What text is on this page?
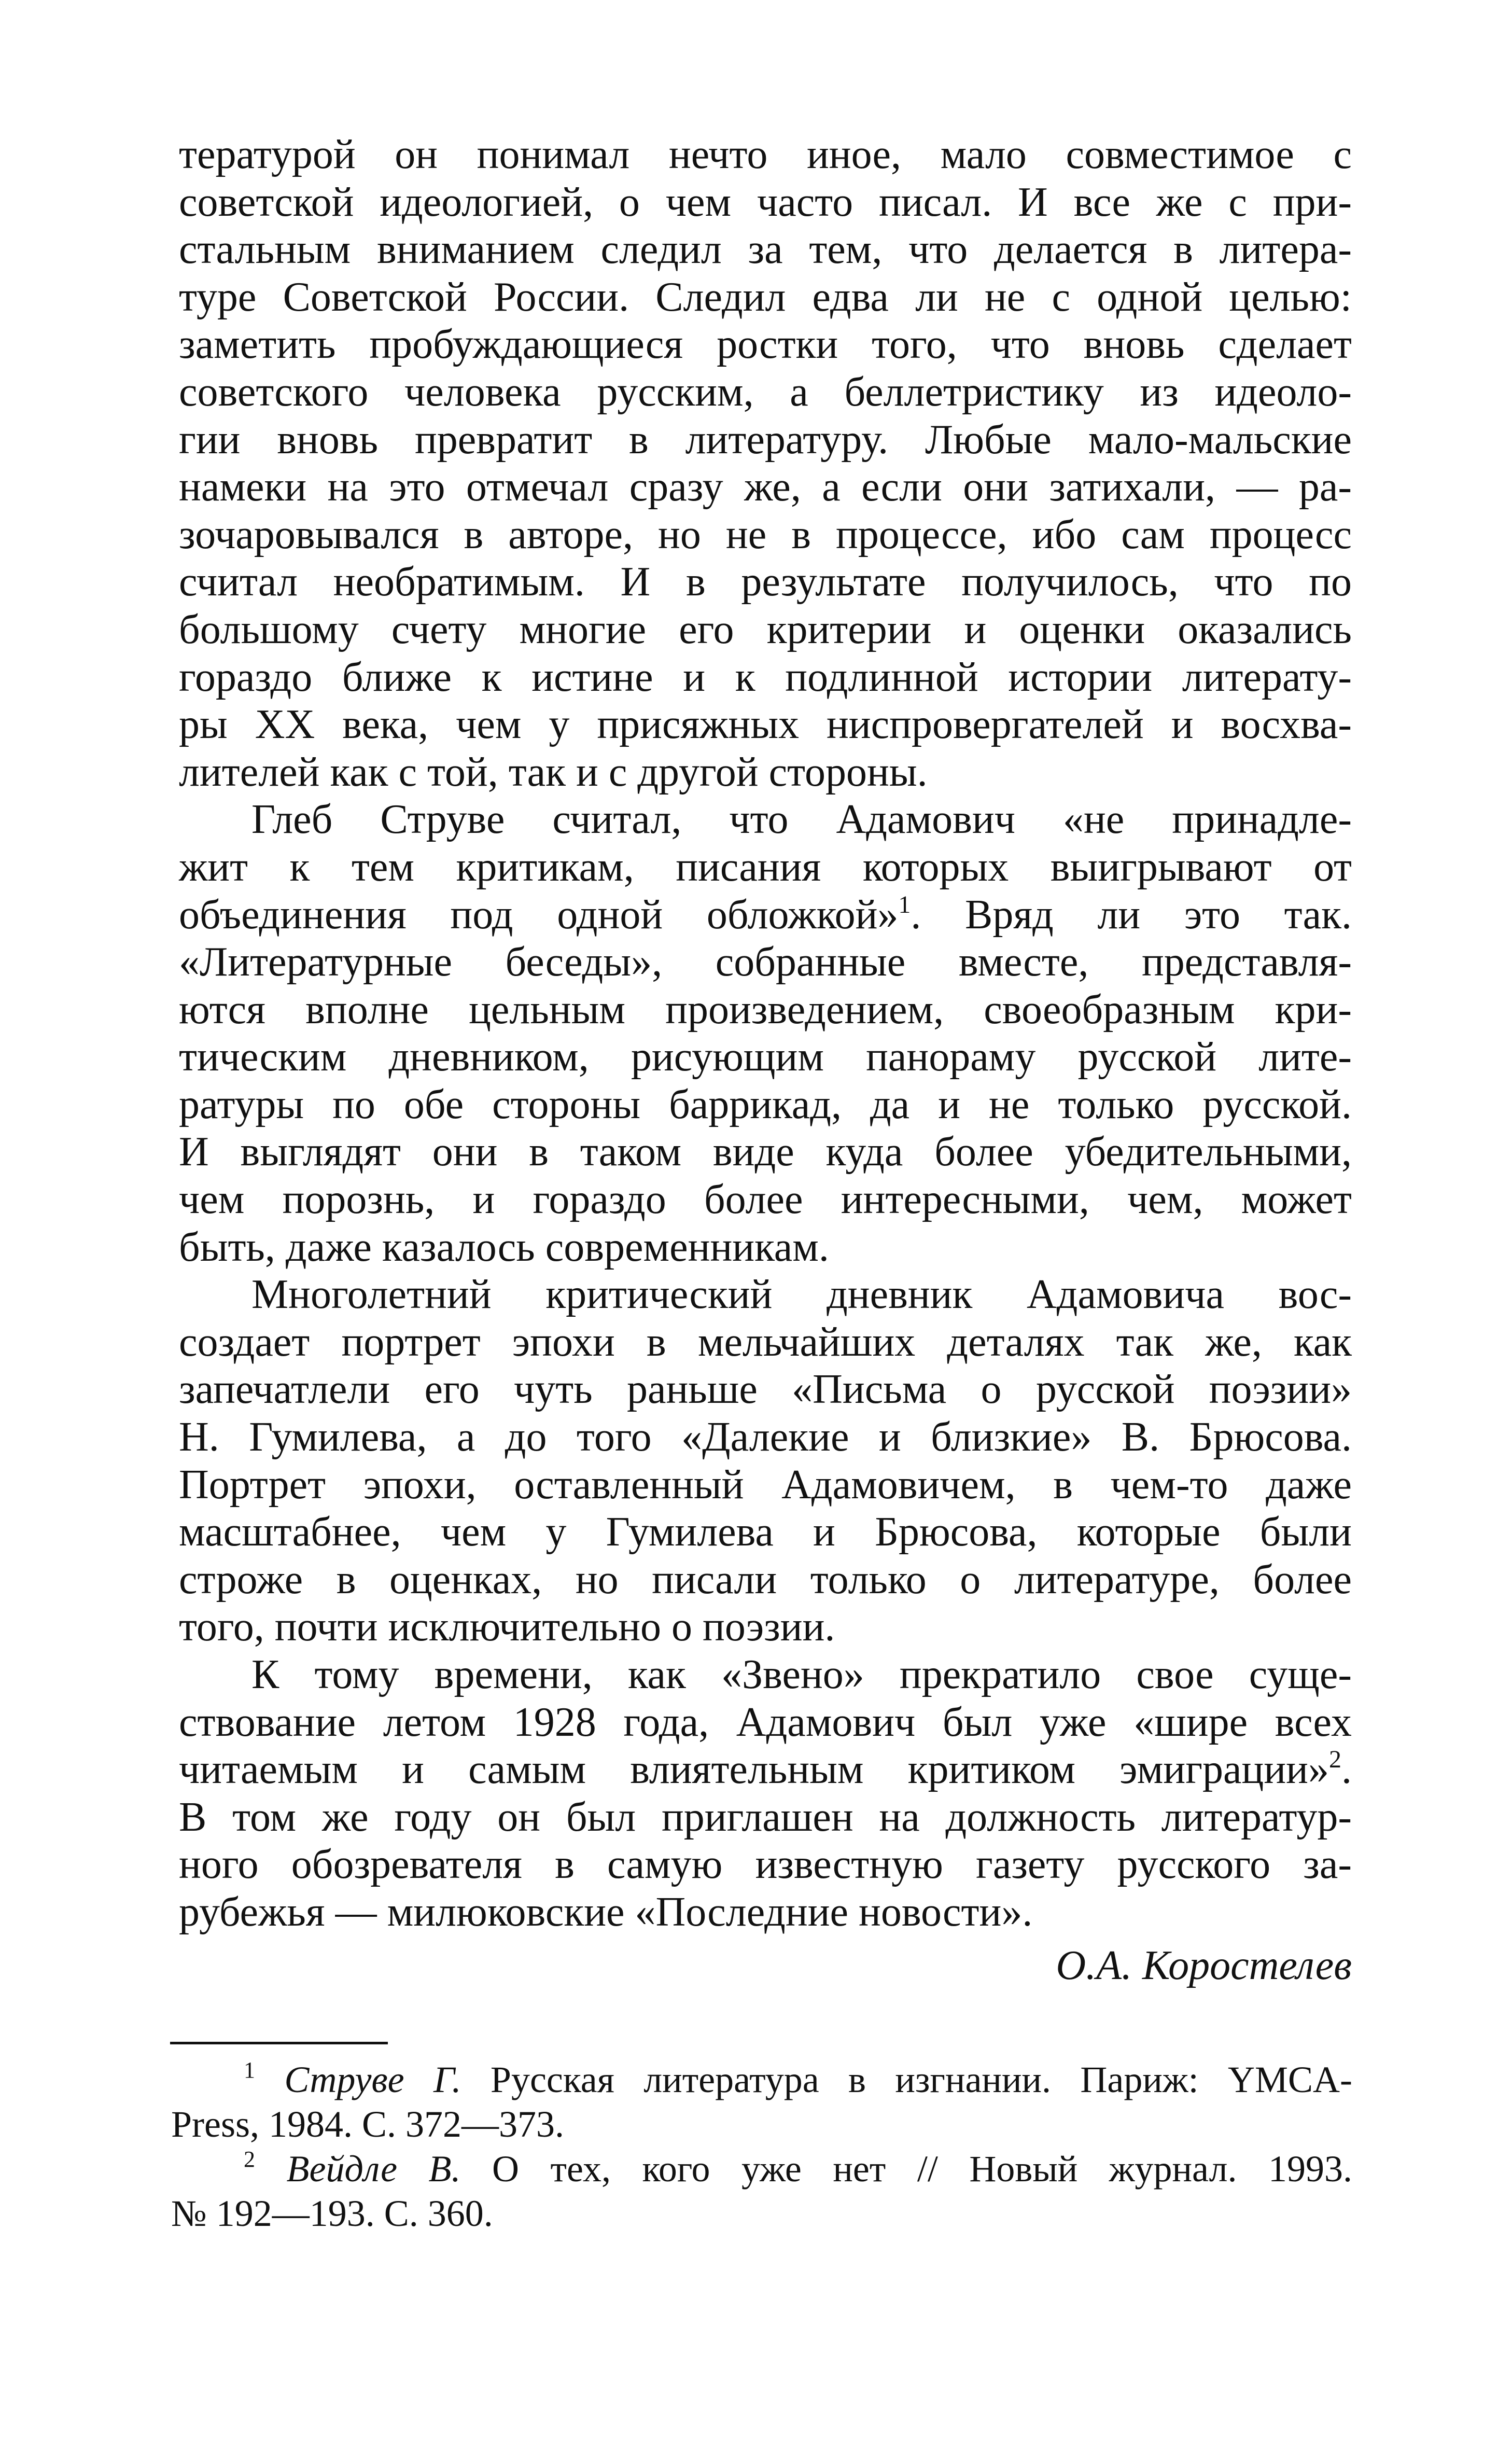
тературой он понимал нечто иное, мало совместимое с
советской идеологией, о чем часто писал. И все же с при-
стальным вниманием следил за тем, что делается в литера-
туре Советской России. Следил едва ли не с одной целью:
заметить пробуждающиеся ростки того, что вновь сделает
советского человека русским, а беллетристику из идеоло-
гии вновь превратит в литературу. Любые мало-мальские
намеки на это отмечал сразу же, а если они затихали, — ра-
зочаровывался в авторе, но не в процессе, ибо сам процесс
считал необратимым. И в результате получилось, что по
большому счету многие его критерии и оценки оказались
гораздо ближе к истине и к подлинной истории литерату-
ры XX века, чем у присяжных ниспровергателей и восхва-
лителей как с той, так и с другой стороны.
Глеб Струве считал, что Адамович «не принадле-
жит к тем критикам, писания которых выигрывают от
объединения под одной обложкой»$^1$. Вряд ли это так.
«Литературные беседы», собранные вместе, представля-
ются вполне цельным произведением, своеобразным кри-
тическим дневником, рисующим панораму русской лите-
ратуры по обе стороны баррикад, да и не только русской.
И выглядят они в таком виде куда более убедительными,
чем порознь, и гораздо более интересными, чем, может
быть, даже казалось современникам.
Многолетний критический дневник Адамовича вос-
создает портрет эпохи в мельчайших деталях так же, как
запечатлели его чуть раньше «Письма о русской поэзии»
Н. Гумилева, а до того «Далекие и близкие» В. Брюсова.
Портрет эпохи, оставленный Адамовичем, в чем-то даже
масштабнее, чем у Гумилева и Брюсова, которые были
строже в оценках, но писали только о литературе, более
того, почти исключительно о поэзии.
К тому времени, как «Звено» прекратило свое суще-
ствование летом 1928 года, Адамович был уже «шире всех
читаемым и самым влиятельным критиком эмиграции»$^2$.
В том же году он был приглашен на должность литератур-
ного обозревателя в самую известную газету русского за-
рубежья — милюковские «Последние новости».
О.А. Коростелев
$^1$ Струве Г. Русская литература в изгнании. Париж: YMCA-
Press, 1984. С. 372—373.
$^2$ Вейдле В. О тех, кого уже нет // Новый журнал. 1993.
№ 192—193. С. 360.
